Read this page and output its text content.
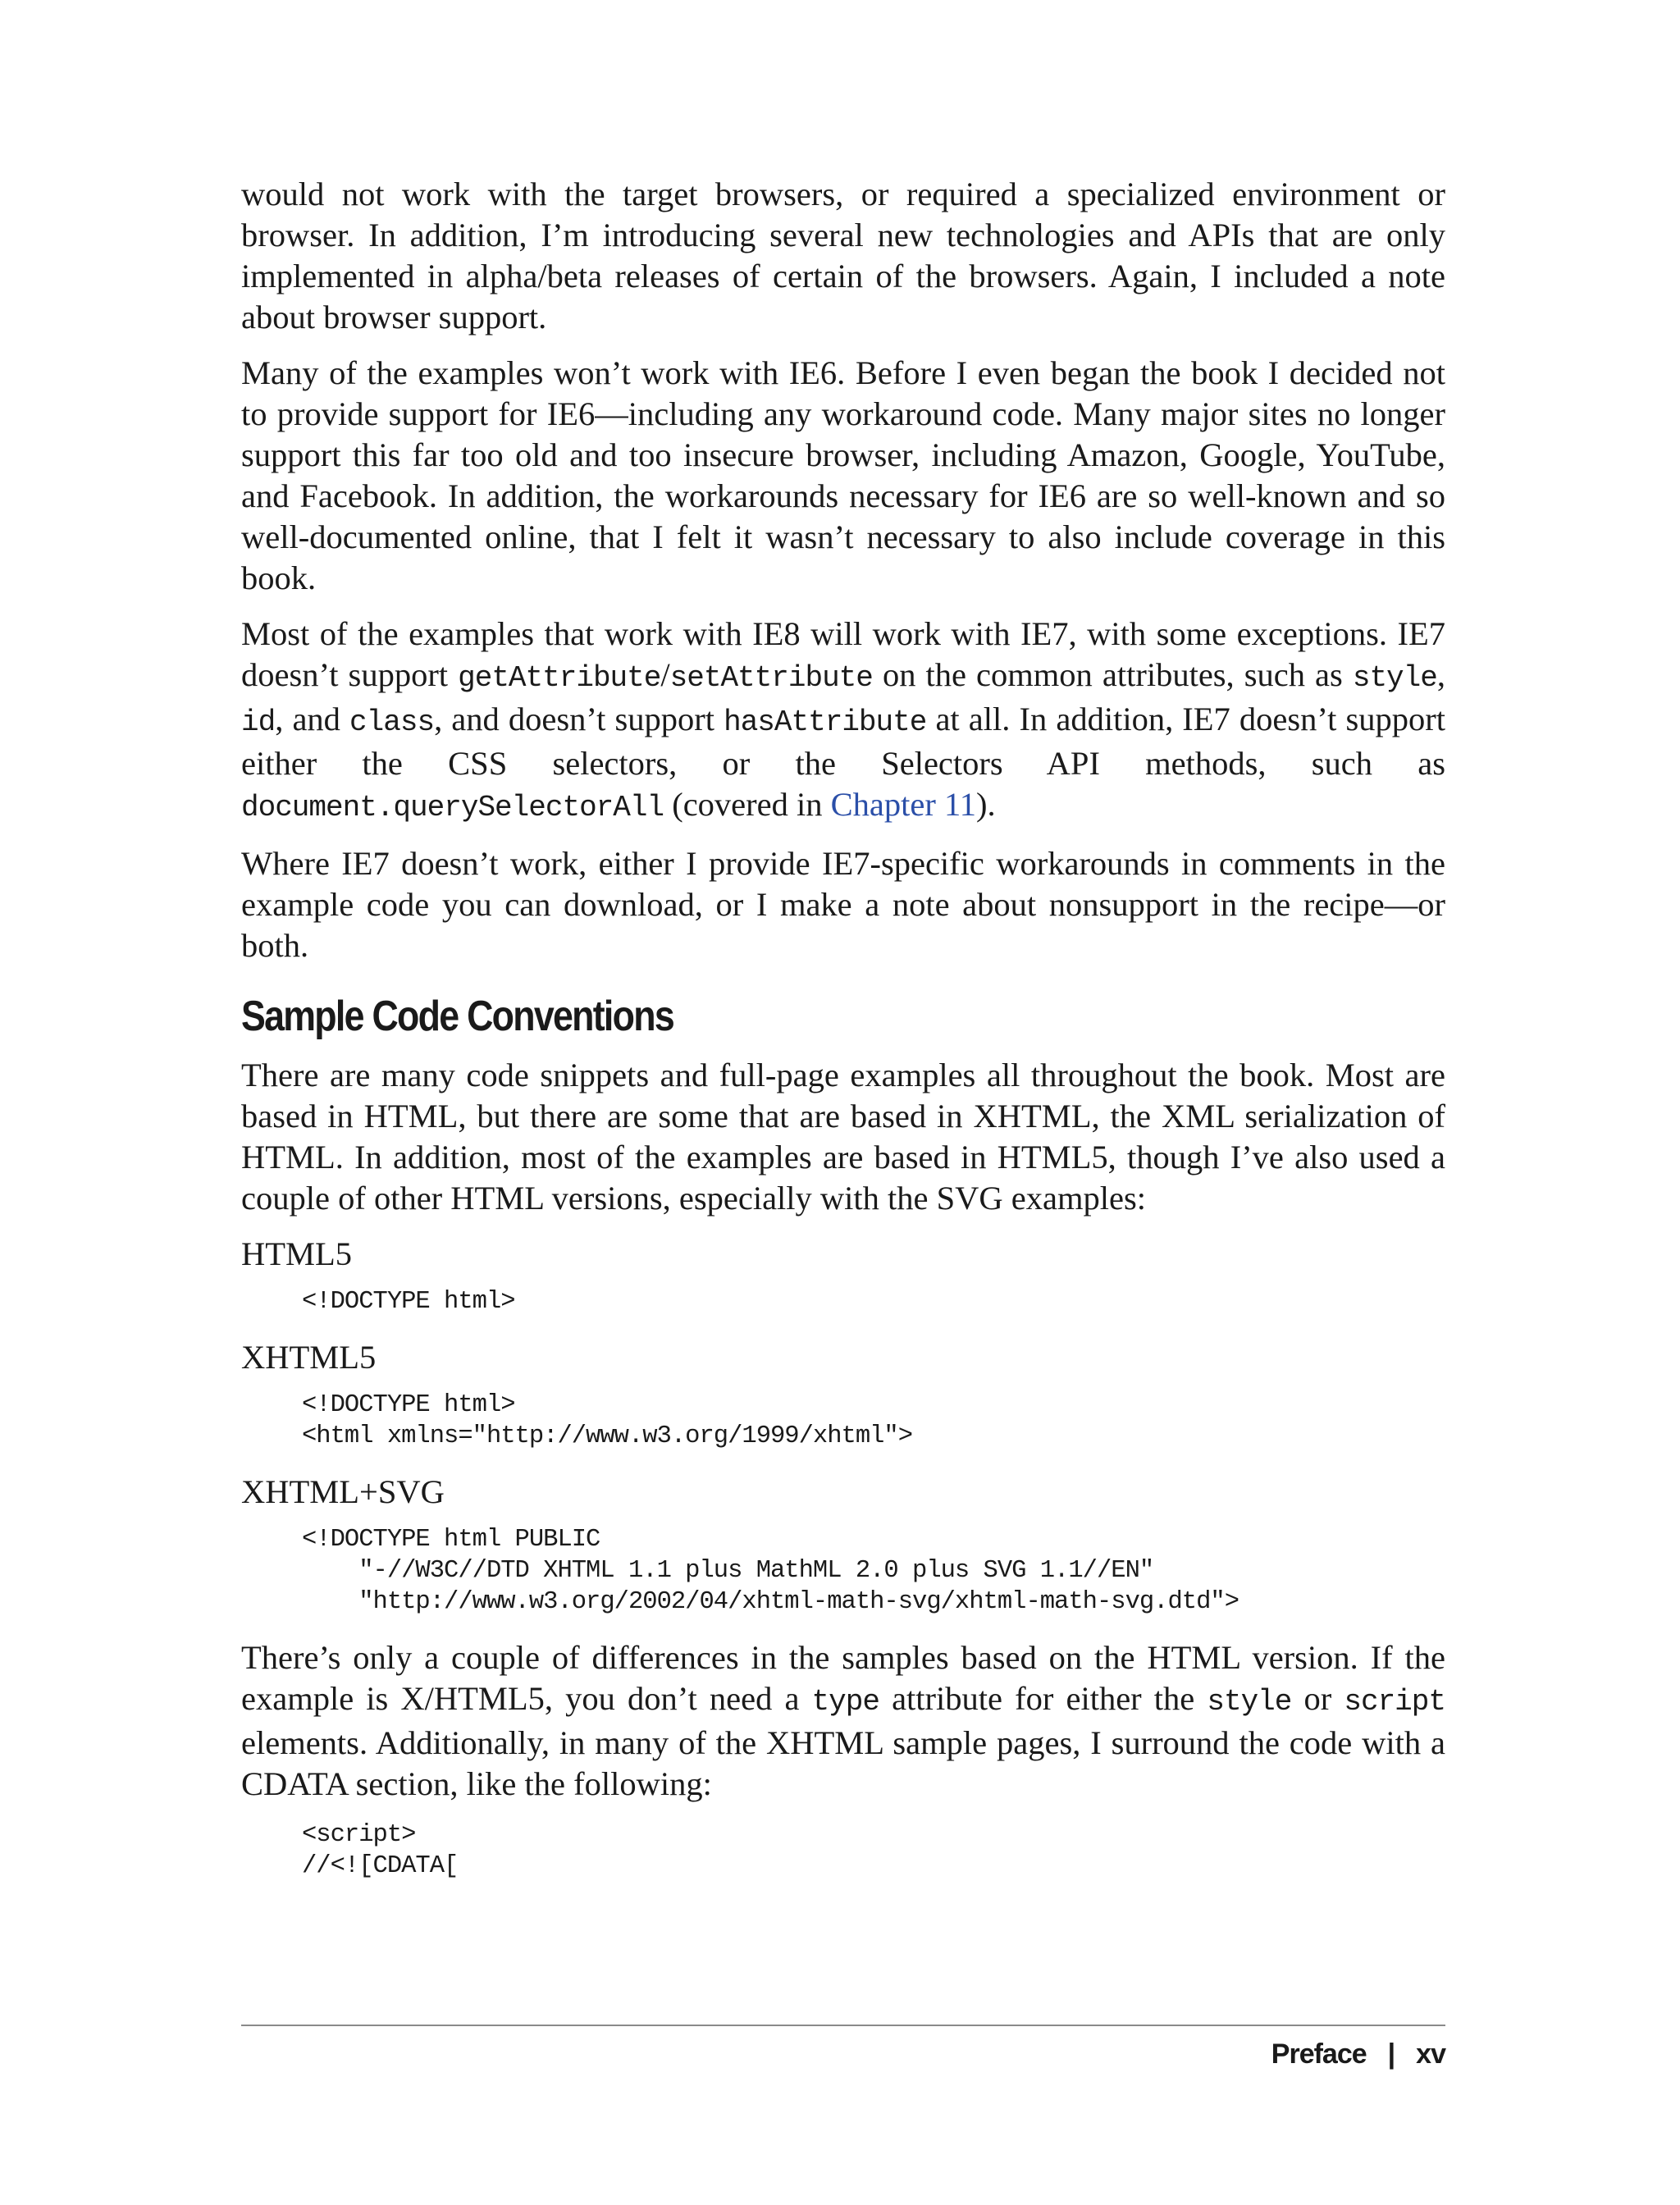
would not work with the target browsers, or required a specialized environment or browser. In addition, I’m introducing several new technologies and APIs that are only implemented in alpha/beta releases of certain of the browsers. Again, I included a note about browser support.

Many of the examples won’t work with IE6. Before I even began the book I decided not to provide support for IE6—including any workaround code. Many major sites no longer support this far too old and too insecure browser, including Amazon, Google, YouTube, and Facebook. In addition, the workarounds necessary for IE6 are so well-known and so well-documented online, that I felt it wasn’t necessary to also include coverage in this book.

Most of the examples that work with IE8 will work with IE7, with some exceptions. IE7 doesn’t support getAttribute/setAttribute on the common attributes, such as style, id, and class, and doesn’t support hasAttribute at all. In addition, IE7 doesn’t support either the CSS selectors, or the Selectors API methods, such as document.querySelectorAll (covered in Chapter 11).

Where IE7 doesn’t work, either I provide IE7-specific workarounds in comments in the example code you can download, or I make a note about nonsupport in the recipe—or both.

Sample Code Conventions

There are many code snippets and full-page examples all throughout the book. Most are based in HTML, but there are some that are based in XHTML, the XML serialization of HTML. In addition, most of the examples are based in HTML5, though I’ve also used a couple of other HTML versions, especially with the SVG examples:

HTML5
<!DOCTYPE html>
XHTML5
<!DOCTYPE html>
<html xmlns="http://www.w3.org/1999/xhtml">
XHTML+SVG
<!DOCTYPE html PUBLIC
"-//W3C//DTD XHTML 1.1 plus MathML 2.0 plus SVG 1.1//EN"
"http://www.w3.org/2002/04/xhtml-math-svg/xhtml-math-svg.dtd">

There’s only a couple of differences in the samples based on the HTML version. If the example is X/HTML5, you don’t need a type attribute for either the style or script elements. Additionally, in many of the XHTML sample pages, I surround the code with a CDATA section, like the following:

<script>
//<![CDATA[
Preface | xv
